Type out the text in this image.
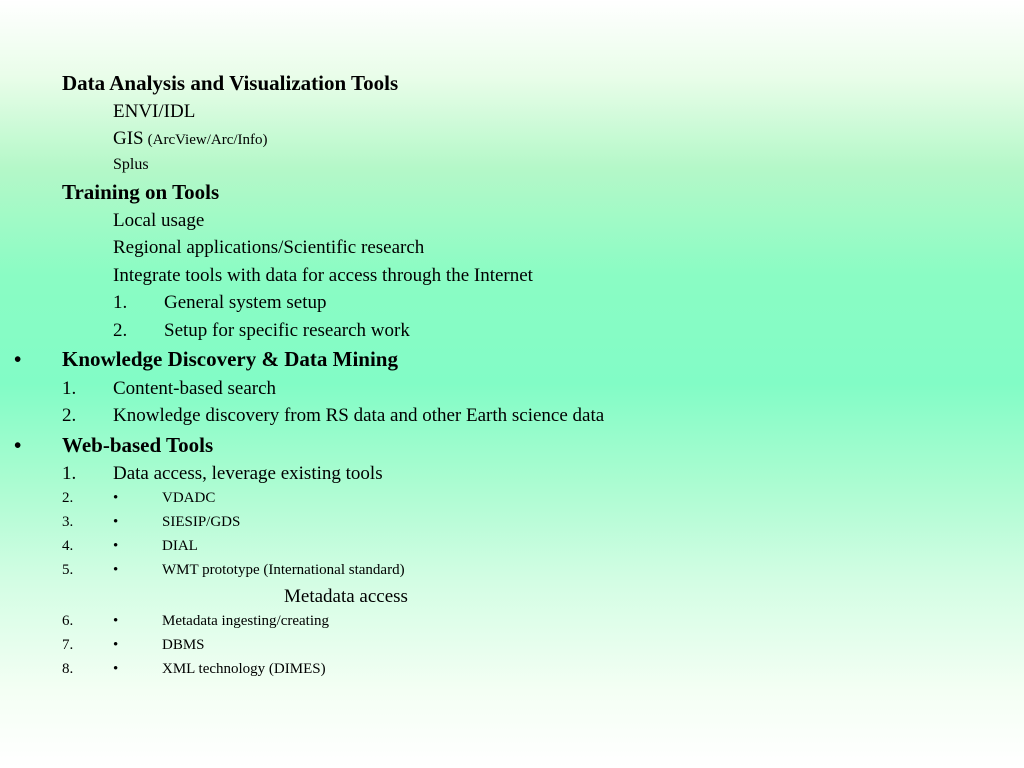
Data Analysis and Visualization Tools
ENVI/IDL
GIS (ArcView/Arc/Info)
Splus
Training on Tools
Local usage
Regional applications/Scientific research
Integrate tools with data for access through the Internet
1. General system setup
2. Setup for specific research work
• Knowledge Discovery & Data Mining
1. Content-based search
2. Knowledge discovery from RS data and other Earth science data
• Web-based Tools
1. Data access, leverage existing tools
2.	•	VDADC
3.	•	SIESIP/GDS
4.	•	DIAL
5.	•	WMT prototype (International standard)
Metadata access
6.	•	Metadata ingesting/creating
7.	•	DBMS
8.	•	XML technology (DIMES)
